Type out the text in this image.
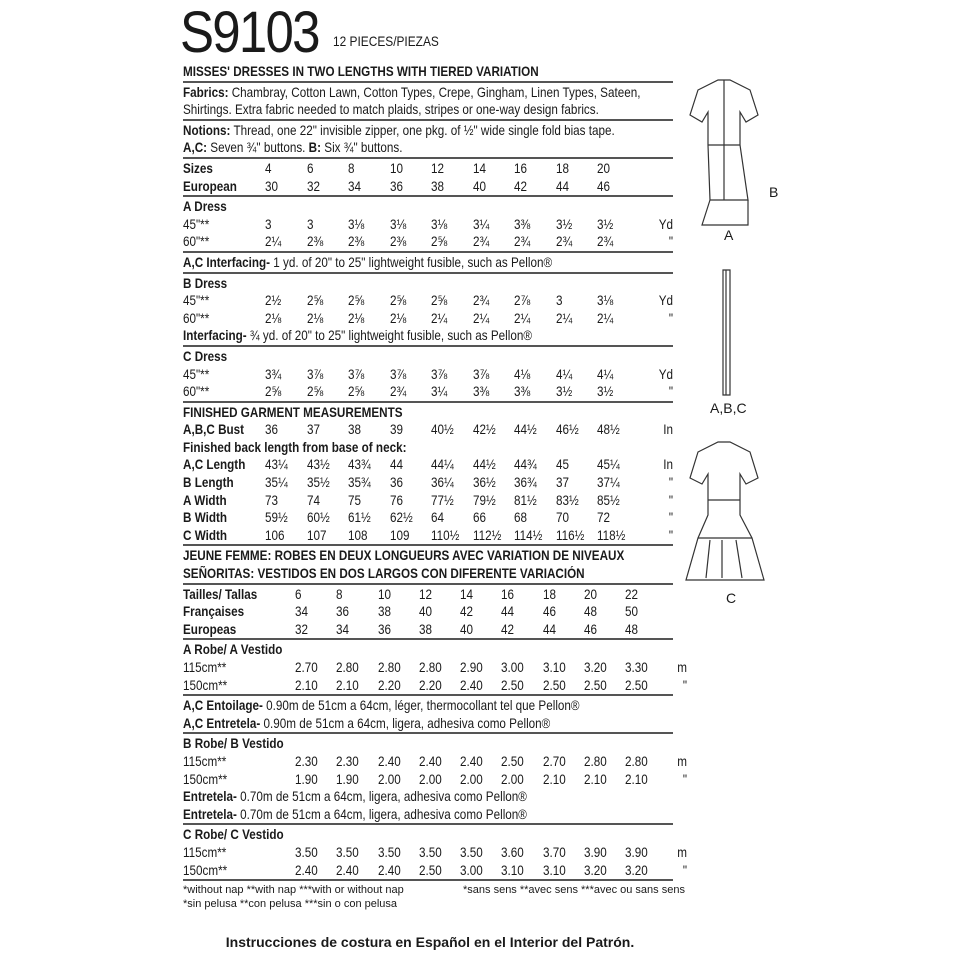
S9103 12 PIECES/PIEZAS
MISSES' DRESSES IN TWO LENGTHS WITH TIERED VARIATION
Fabrics: Chambray, Cotton Lawn, Cotton Types, Crepe, Gingham, Linen Types, Sateen,
Shirtings. Extra fabric needed to match plaids, stripes or one-way design fabrics.
Notions: Thread, one 22" invisible zipper, one pkg. of ½" wide single fold bias tape.
A,C: Seven ¾" buttons. B: Six ¾" buttons.
Sizes	4	6	8	10	12	14	16	18	20
European	30	32	34	36	38	40	42	44	46
A Dress
45"**	3	3	3⅛	3⅛	3⅛	3¼	3⅜	3½	3½	Yd
60"**	2¼	2⅜	2⅜	2⅜	2⅝	2¾	2¾	2¾	2¾	"
A,C Interfacing- 1 yd. of 20" to 25" lightweight fusible, such as Pellon®
B Dress
45"**	2½	2⅝	2⅝	2⅝	2⅝	2¾	2⅞	3	3⅛	Yd
60"**	2⅛	2⅛	2⅛	2⅛	2¼	2¼	2¼	2¼	2¼	"
Interfacing- ¾ yd. of 20" to 25" lightweight fusible, such as Pellon®
C Dress
45"**	3¾	3⅞	3⅞	3⅞	3⅞	3⅞	4⅛	4¼	4¼	Yd
60"**	2⅝	2⅝	2⅝	2¾	3¼	3⅜	3⅜	3½	3½	"
FINISHED GARMENT MEASUREMENTS
A,B,C Bust	36	37	38	39	40½	42½	44½	46½	48½	In
Finished back length from base of neck:
A,C Length	43¼	43½	43¾	44	44¼	44½	44¾	45	45¼	In
B Length	35¼	35½	35¾	36	36¼	36½	36¾	37	37¼	"
A Width	73	74	75	76	77½	79½	81½	83½	85½	"
B Width	59½	60½	61½	62½	64	66	68	70	72	"
C Width	106	107	108	109	110½ 112½ 114½ 116½ 118½	"
JEUNE FEMME: ROBES EN DEUX LONGUEURS AVEC VARIATION DE NIVEAUX
SEÑORITAS: VESTIDOS EN DOS LARGOS CON DIFERENTE VARIACIÓN
Tailles/ Tallas	6	8	10	12	14	16	18	20	22
Françaises	34	36	38	40	42	44	46	48	50
Europeas	32	34	36	38	40	42	44	46	48
A Robe/ A Vestido
115cm**	2.70	2.80	2.80	2.80	2.90	3.00	3.10	3.20	3.30	m
150cm**	2.10	2.10	2.20	2.20	2.40	2.50	2.50	2.50	2.50	"
A,C Entoilage- 0.90m de 51cm a 64cm, léger, thermocollant tel que Pellon®
A,C Entretela- 0.90m de 51cm a 64cm, ligera, adhesiva como Pellon®
B Robe/ B Vestido
115cm**	2.30	2.30	2.40	2.40	2.40	2.50	2.70	2.80	2.80	m
150cm**	1.90	1.90	2.00	2.00	2.00	2.00	2.10	2.10	2.10	"
Entretela- 0.70m de 51cm a 64cm, ligera, adhesiva como Pellon®
Entretela- 0.70m de 51cm a 64cm, ligera, adhesiva como Pellon®
C Robe/ C Vestido
115cm**	3.50	3.50	3.50	3.50	3.50	3.60	3.70	3.90	3.90	m
150cm**	2.40	2.40	2.40	2.50	3.00	3.10	3.10	3.20	3.20	"
*without nap **with nap ***with or without nap	*sans sens **avec sens ***avec ou sans sens
*sin pelusa **con pelusa ***sin o con pelusa
B
A
A,B,C
C
Instrucciones de costura en Español en el Interior del Patrón.
